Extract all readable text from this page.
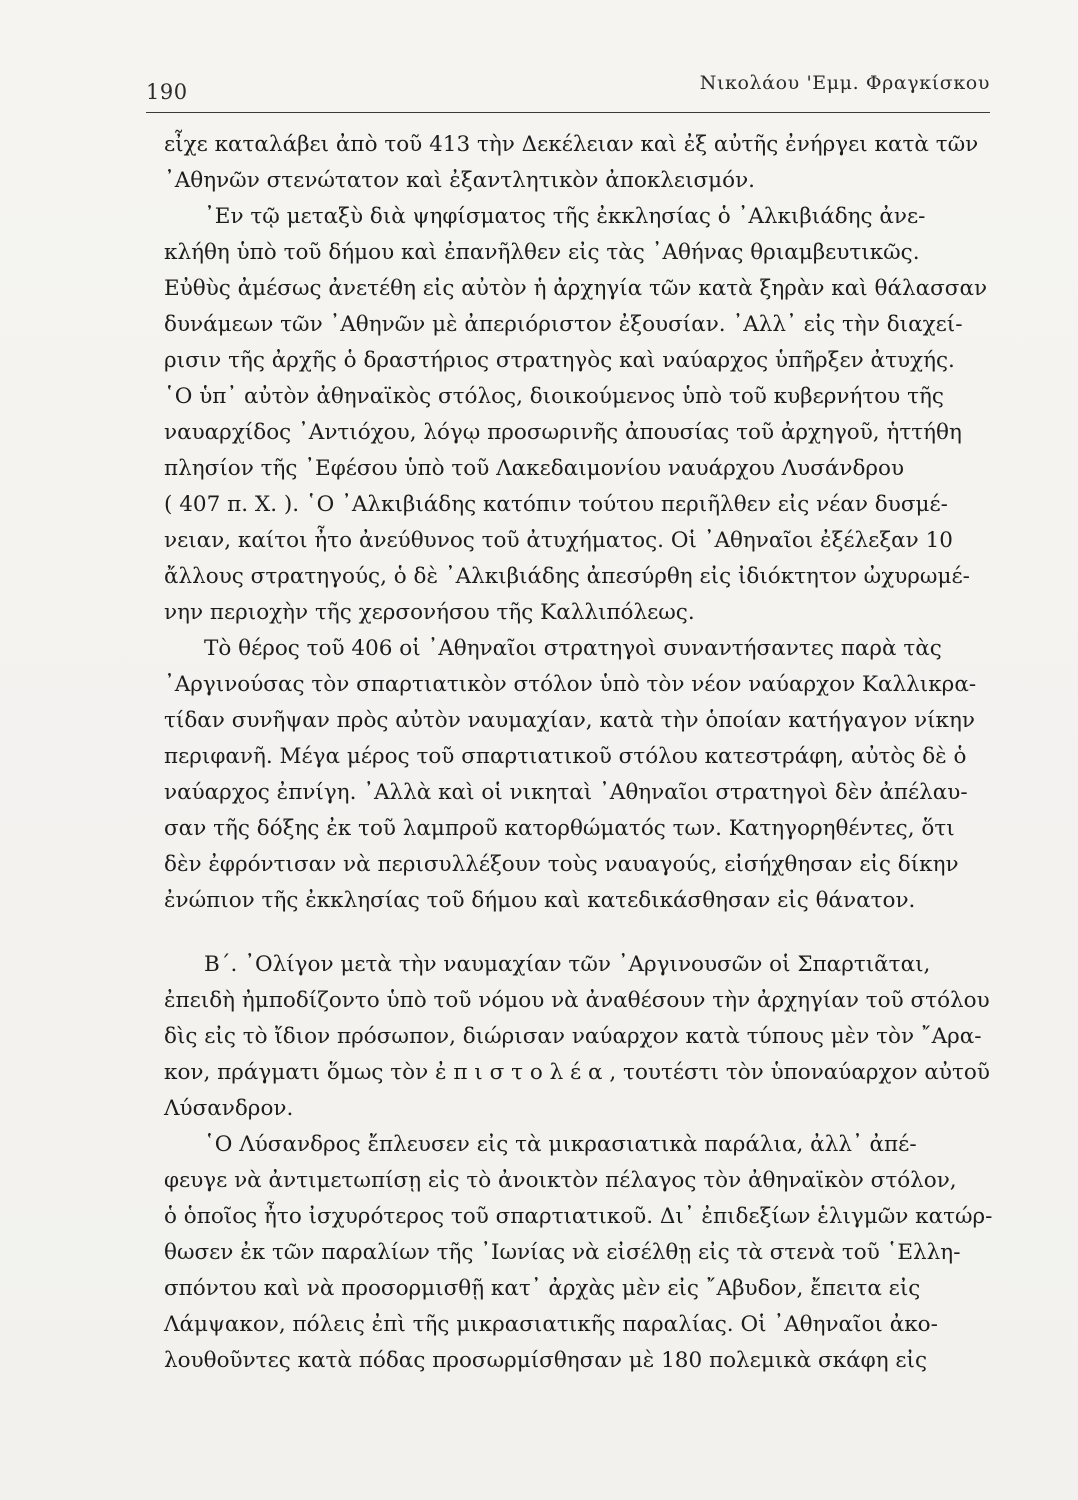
190	Νικολάου 'Εμμ. Φραγκίσκου
εἶχε καταλάβει ἀπὸ τοῦ 413 τὴν Δεκέλειαν καὶ ἐξ αὐτῆς ἐνήργει κατὰ τῶν
᾿Αθηνῶν στενώτατον καὶ ἐξαντλητικὸν ἀποκλεισμόν.
᾿Εν τῷ μεταξὺ διὰ ψηφίσματος τῆς ἐκκλησίας ὁ ᾿Αλκιβιάδης ἀνε-
κλήθη ὑπὸ τοῦ δήμου καὶ ἐπανῆλθεν εἰς τὰς ᾿Αθήνας θριαμβευτικῶς.
Εὐθὺς ἀμέσως ἀνετέθη εἰς αὐτὸν ἡ ἀρχηγία τῶν κατὰ ξηρὰν καὶ θάλασσαν
δυνάμεων τῶν ᾿Αθηνῶν μὲ ἀπεριόριστον ἐξουσίαν. ᾿Αλλ᾿ εἰς τὴν διαχεί-
ρισιν τῆς ἀρχῆς ὁ δραστήριος στρατηγὸς καὶ ναύαρχος ὑπῆρξεν ἀτυχής.
῾Ο ὑπ᾿ αὐτὸν ἀθηναϊκὸς στόλος, διοικούμενος ὑπὸ τοῦ κυβερνήτου τῆς
ναυαρχίδος ᾿Αντιόχου, λόγῳ προσωρινῆς ἀπουσίας τοῦ ἀρχηγοῦ, ἡττήθη
πλησίον τῆς ᾿Εφέσου ὑπὸ τοῦ Λακεδαιμονίου ναυάρχου Λυσάνδρου
( 407 π. Χ. ). ῾Ο ᾿Αλκιβιάδης κατόπιν τούτου περιῆλθεν εἰς νέαν δυσμέ-
νειαν, καίτοι ἦτο ἀνεύθυνος τοῦ ἀτυχήματος. Οἱ ᾿Αθηναῖοι ἐξέλεξαν 10
ἄλλους στρατηγούς, ὁ δὲ ᾿Αλκιβιάδης ἀπεσύρθη εἰς ἰδιόκτητον ὠχυρωμέ-
νην περιοχὴν τῆς χερσονήσου τῆς Καλλιπόλεως.
Τὸ θέρος τοῦ 406 οἱ ᾿Αθηναῖοι στρατηγοὶ συναντήσαντες παρὰ τὰς
᾿Αργινούσας τὸν σπαρτιατικὸν στόλον ὑπὸ τὸν νέον ναύαρχον Καλλικρα-
τίδαν συνῆψαν πρὸς αὐτὸν ναυμαχίαν, κατὰ τὴν ὁποίαν κατήγαγον νίκην
περιφανῆ. Μέγα μέρος τοῦ σπαρτιατικοῦ στόλου κατεστράφη, αὐτὸς δὲ ὁ
ναύαρχος ἐπνίγη. ᾿Αλλὰ καὶ οἱ νικηταὶ ᾿Αθηναῖοι στρατηγοὶ δὲν ἀπέλαυ-
σαν τῆς δόξης ἐκ τοῦ λαμπροῦ κατορθώματός των. Κατηγορηθέντες, ὅτι
δὲν ἐφρόντισαν νὰ περισυλλέξουν τοὺς ναυαγούς, εἰσήχθησαν εἰς δίκην
ἐνώπιον τῆς ἐκκλησίας τοῦ δήμου καὶ κατεδικάσθησαν εἰς θάνατον.
Β΄. ᾿Ολίγον μετὰ τὴν ναυμαχίαν τῶν ᾿Αργινουσῶν οἱ Σπαρτιᾶται,
ἐπειδὴ ἠμποδίζοντο ὑπὸ τοῦ νόμου νὰ ἀναθέσουν τὴν ἀρχηγίαν τοῦ στόλου
δὶς εἰς τὸ ἴδιον πρόσωπον, διώρισαν ναύαρχον κατὰ τύπους μὲν τὸν ῎Αρα-
κον, πράγματι ὅμως τὸν ἐ π ι σ τ ο λ έ α , τουτέστι τὸν ὑποναύαρχον αὐτοῦ
Λύσανδρον.
῾Ο Λύσανδρος ἔπλευσεν εἰς τὰ μικρασιατικὰ παράλια, ἀλλ᾿ ἀπέ-
φευγε νὰ ἀντιμετωπίσῃ εἰς τὸ ἀνοικτὸν πέλαγος τὸν ἀθηναϊκὸν στόλον,
ὁ ὁποῖος ἦτο ἰσχυρότερος τοῦ σπαρτιατικοῦ. Δι᾿ ἐπιδεξίων ἑλιγμῶν κατώρ-
θωσεν ἐκ τῶν παραλίων τῆς ᾿Ιωνίας νὰ εἰσέλθῃ εἰς τὰ στενὰ τοῦ ῾Ελλη-
σπόντου καὶ νὰ προσορμισθῇ κατ᾿ ἀρχὰς μὲν εἰς ῎Αβυδον, ἔπειτα εἰς
Λάμψακον, πόλεις ἐπὶ τῆς μικρασιατικῆς παραλίας. Οἱ ᾿Αθηναῖοι ἀκο-
λουθοῦντες κατὰ πόδας προσωρμίσθησαν μὲ 180 πολεμικὰ σκάφη εἰς
